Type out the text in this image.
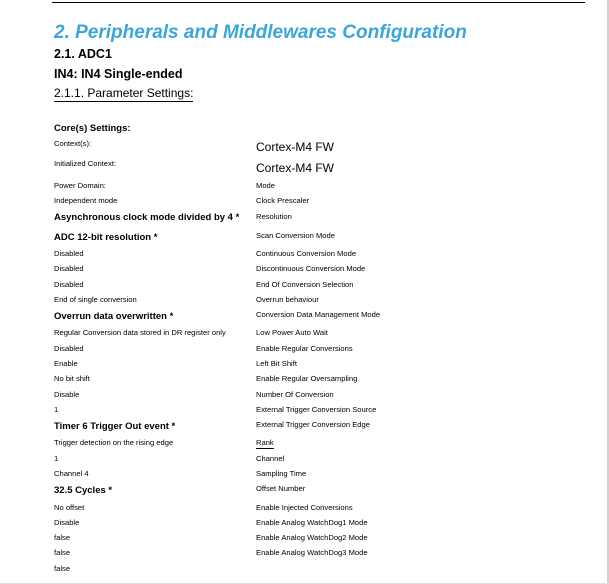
2. Peripherals and Middlewares Configuration
2.1. ADC1
IN4: IN4 Single-ended
2.1.1. Parameter Settings:
Core(s) Settings:
Context(s):
Initialized Context:
Power Domain:
Independent mode
Asynchronous clock mode divided by 4 *
ADC 12-bit resolution *
Disabled
Disabled
Disabled
End of single conversion
Overrun data overwritten *
Regular Conversion data stored in DR register only
Disabled
Enable
No bit shift
Disable
1
Timer 6 Trigger Out event *
Trigger detection on the rising edge
1
Channel 4
32.5 Cycles *
No offset
Disable
false
false
false
Cortex-M4 FW
Cortex-M4 FW
Mode
Clock Prescaler
Resolution
Scan Conversion Mode
Continuous Conversion Mode
Discontinuous Conversion Mode
End Of Conversion Selection
Overrun behaviour
Conversion Data Management Mode
Low Power Auto Wait
Enable Regular Conversions
Left Bit Shift
Enable Regular Oversampling
Number Of Conversion
External Trigger Conversion Source
External Trigger Conversion Edge
Rank
Channel
Sampling Time
Offset Number
Enable Injected Conversions
Enable Analog WatchDog1 Mode
Enable Analog WatchDog2 Mode
Enable Analog WatchDog3 Mode
